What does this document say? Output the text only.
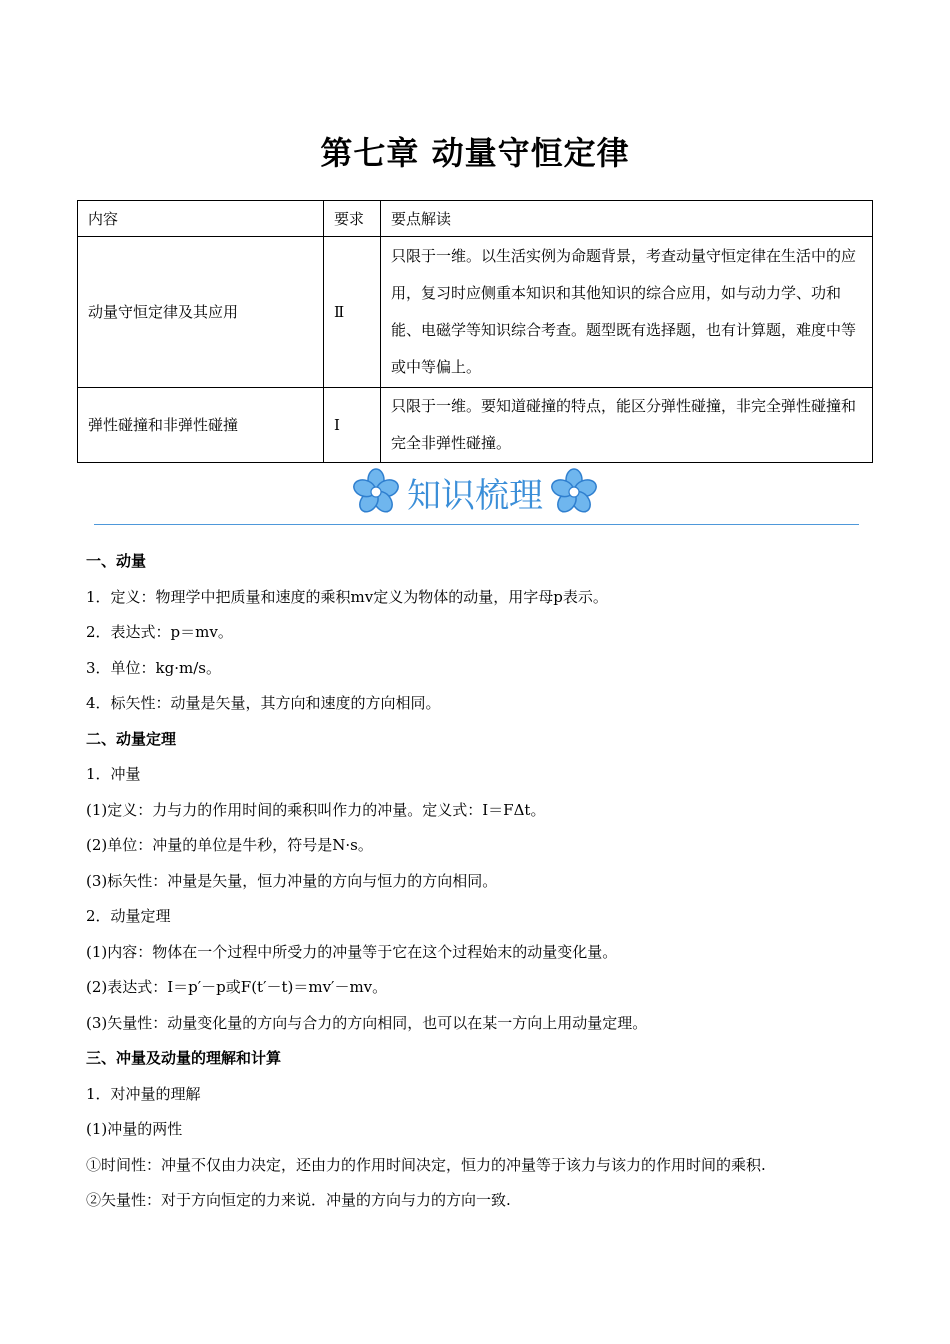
第七章 动量守恒定律
内容	要求	要点解读
动量守恒定律及其应用	Ⅱ	只限于一维。以生活实例为命题背景，考查动量守恒定律在生活中的应用，复习时应侧重本知识和其他知识的综合应用，如与动力学、功和能、电磁学等知识综合考查。题型既有选择题，也有计算题，难度中等或中等偏上。
弹性碰撞和非弹性碰撞	Ⅰ	只限于一维。要知道碰撞的特点，能区分弹性碰撞，非完全弹性碰撞和完全非弹性碰撞。
知识梳理
一、动量
1．定义：物理学中把质量和速度的乘积mv定义为物体的动量，用字母p表示。
2．表达式：p＝mv。
3．单位：kg·m/s。
4．标矢性：动量是矢量，其方向和速度的方向相同。
二、动量定理
1．冲量
(1)定义：力与力的作用时间的乘积叫作力的冲量。定义式：I＝FΔt。
(2)单位：冲量的单位是牛秒，符号是N·s。
(3)标矢性：冲量是矢量，恒力冲量的方向与恒力的方向相同。
2．动量定理
(1)内容：物体在一个过程中所受力的冲量等于它在这个过程始末的动量变化量。
(2)表达式：I＝p′－p或F(t′－t)＝mv′－mv。
(3)矢量性：动量变化量的方向与合力的方向相同，也可以在某一方向上用动量定理。
三、冲量及动量的理解和计算
1．对冲量的理解
(1)冲量的两性
①时间性：冲量不仅由力决定，还由力的作用时间决定，恒力的冲量等于该力与该力的作用时间的乘积.
②矢量性：对于方向恒定的力来说．冲量的方向与力的方向一致.
